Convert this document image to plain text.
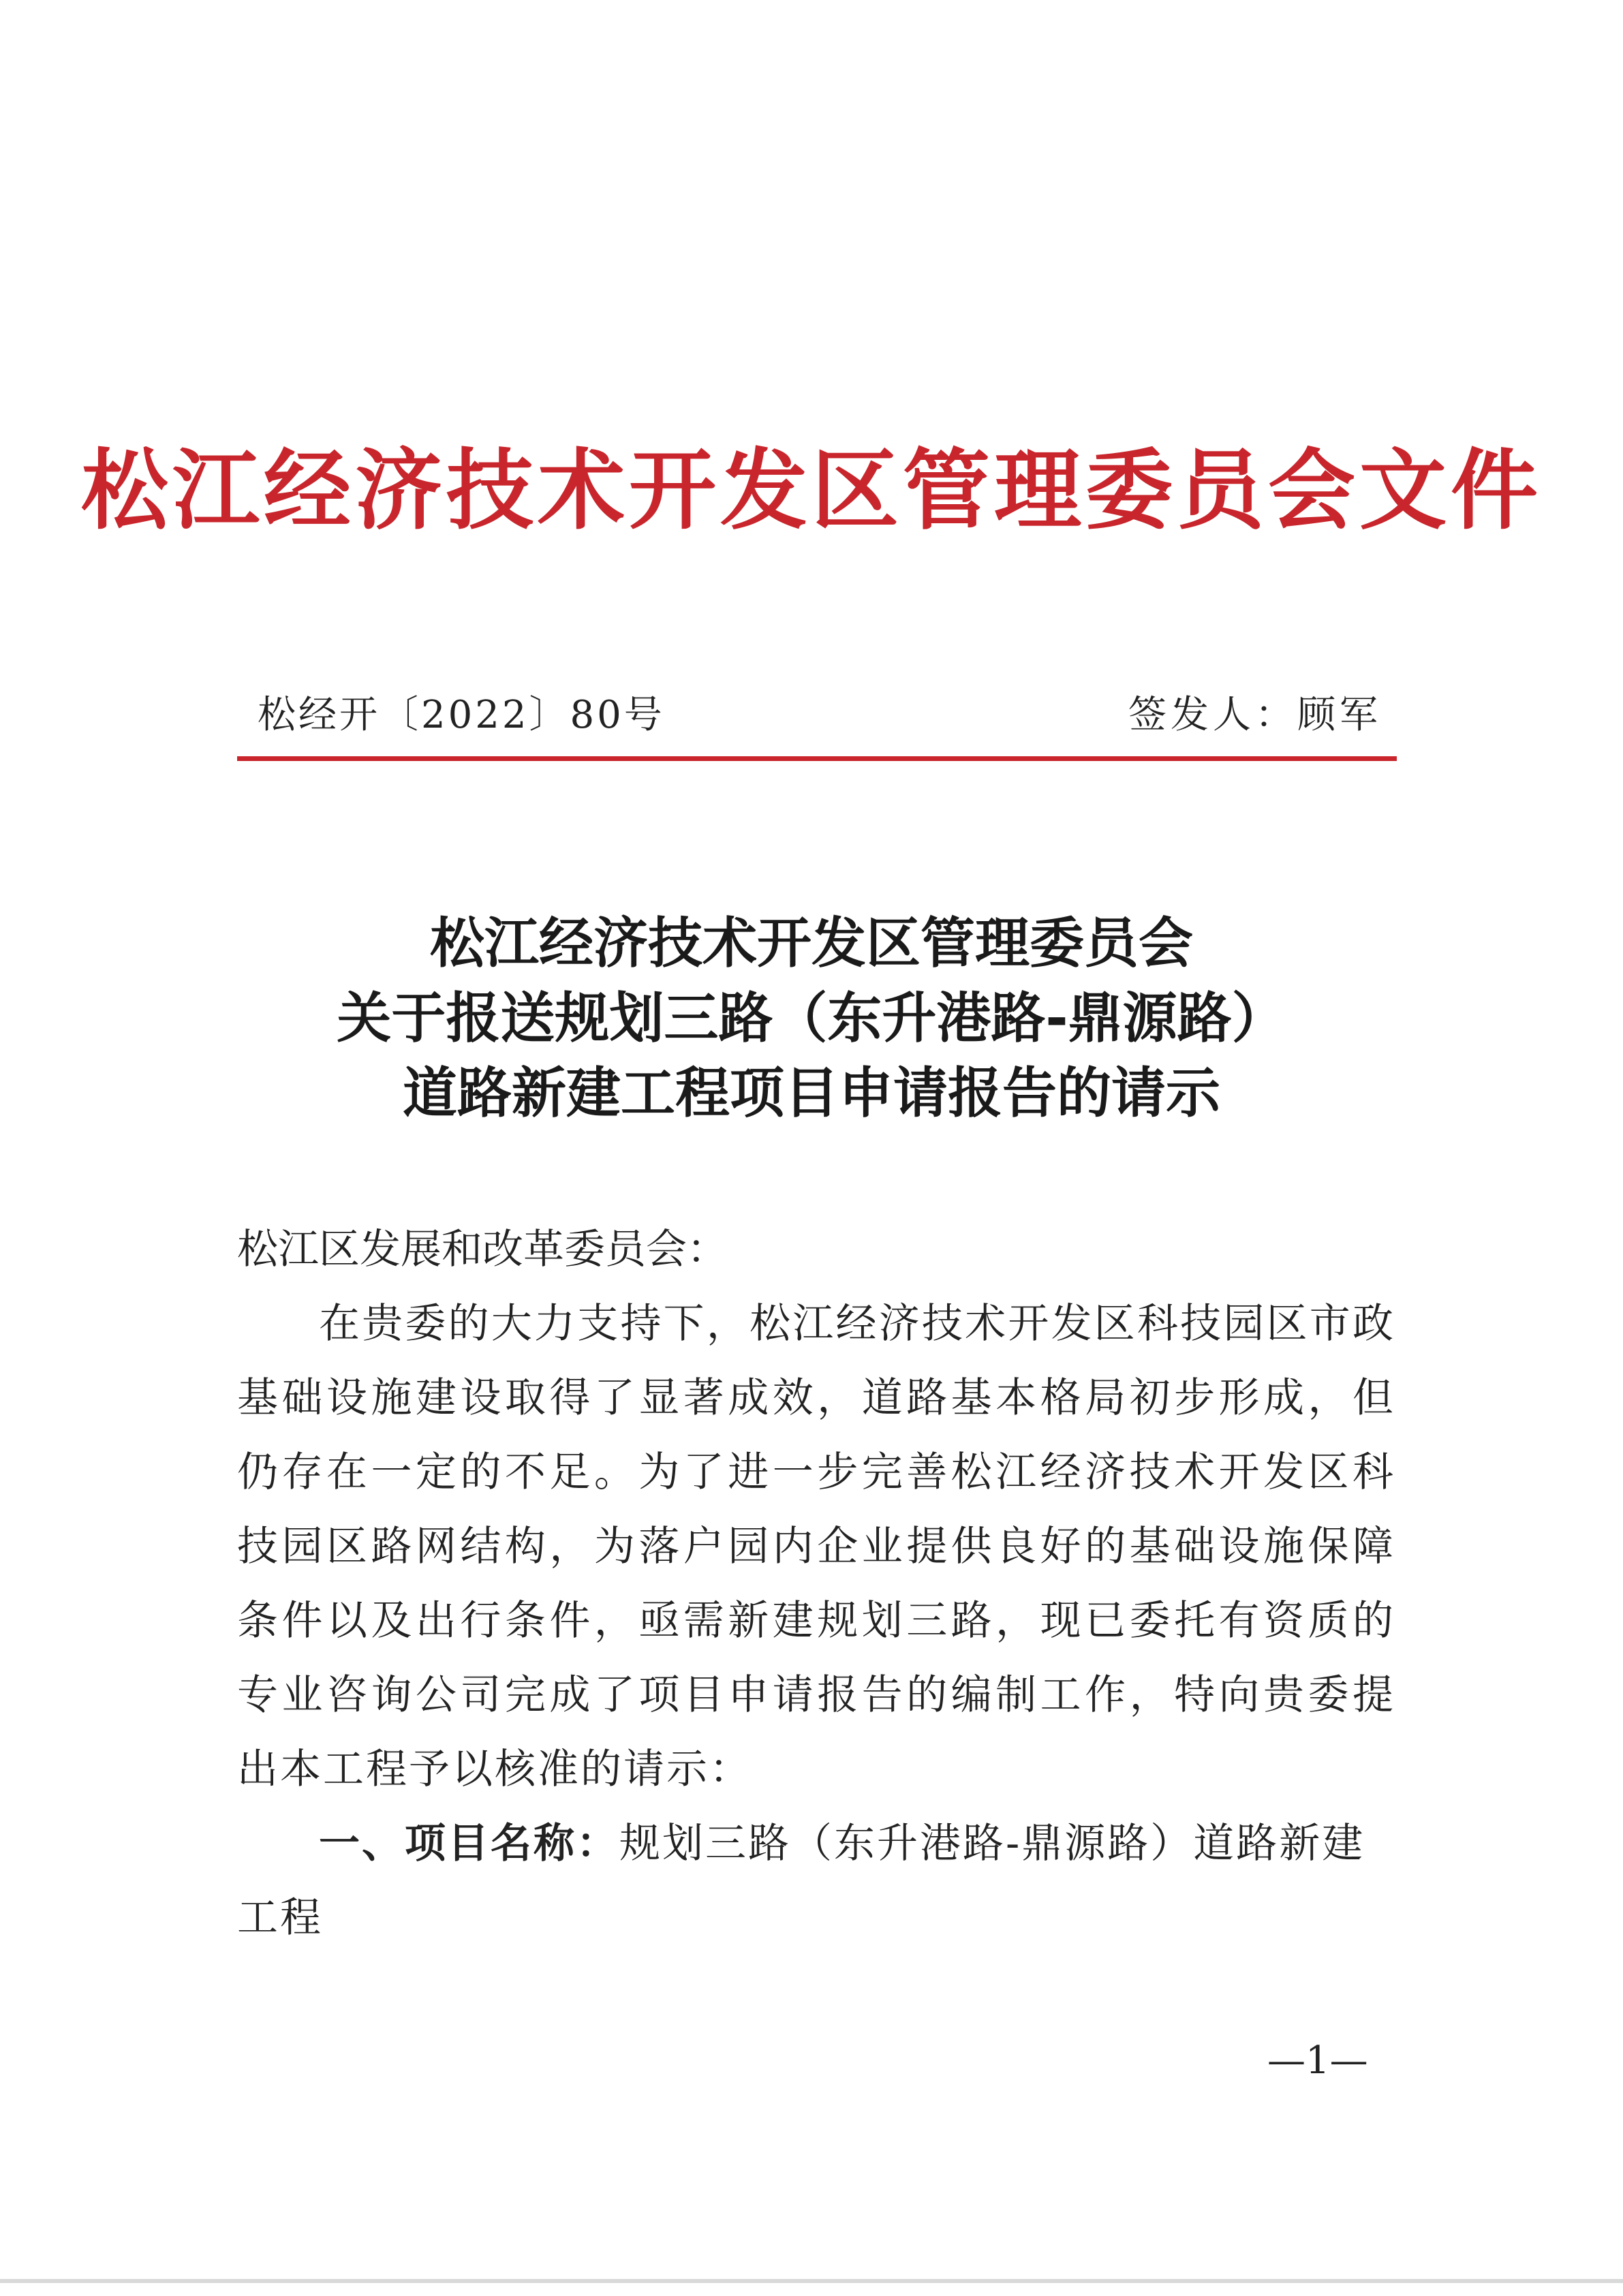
松江经济技术开发区管理委员会文件
松经开〔2022〕80号	签发人：顾军
松江经济技术开发区管理委员会
关于报送规划三路（东升港路-鼎源路）
道路新建工程项目申请报告的请示

松江区发展和改革委员会：

在贵委的大力支持下，松江经济技术开发区科技园区市政基础设施建设取得了显著成效，道路基本格局初步形成，但仍存在一定的不足。为了进一步完善松江经济技术开发区科技园区路网结构，为落户园内企业提供良好的基础设施保障条件以及出行条件，亟需新建规划三路，现已委托有资质的专业咨询公司完成了项目申请报告的编制工作，特向贵委提出本工程予以核准的请示：

一、项目名称：规划三路（东升港路-鼎源路）道路新建工程

—1—
